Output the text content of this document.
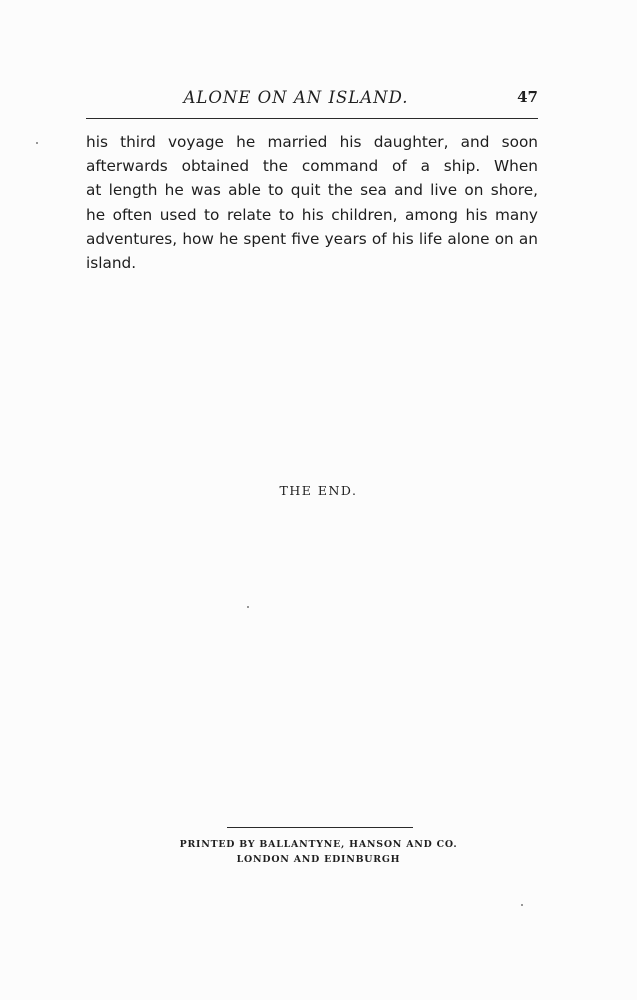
ALONE ON AN ISLAND.	47
his third voyage he married his daughter, and soon
afterwards obtained the command of a ship. When
at length he was able to quit the sea and live on shore,
he often used to relate to his children, among his many
adventures, how he spent five years of his life alone on an
island.
THE END.
PRINTED BY BALLANTYNE, HANSON AND CO.
LONDON AND EDINBURGH
